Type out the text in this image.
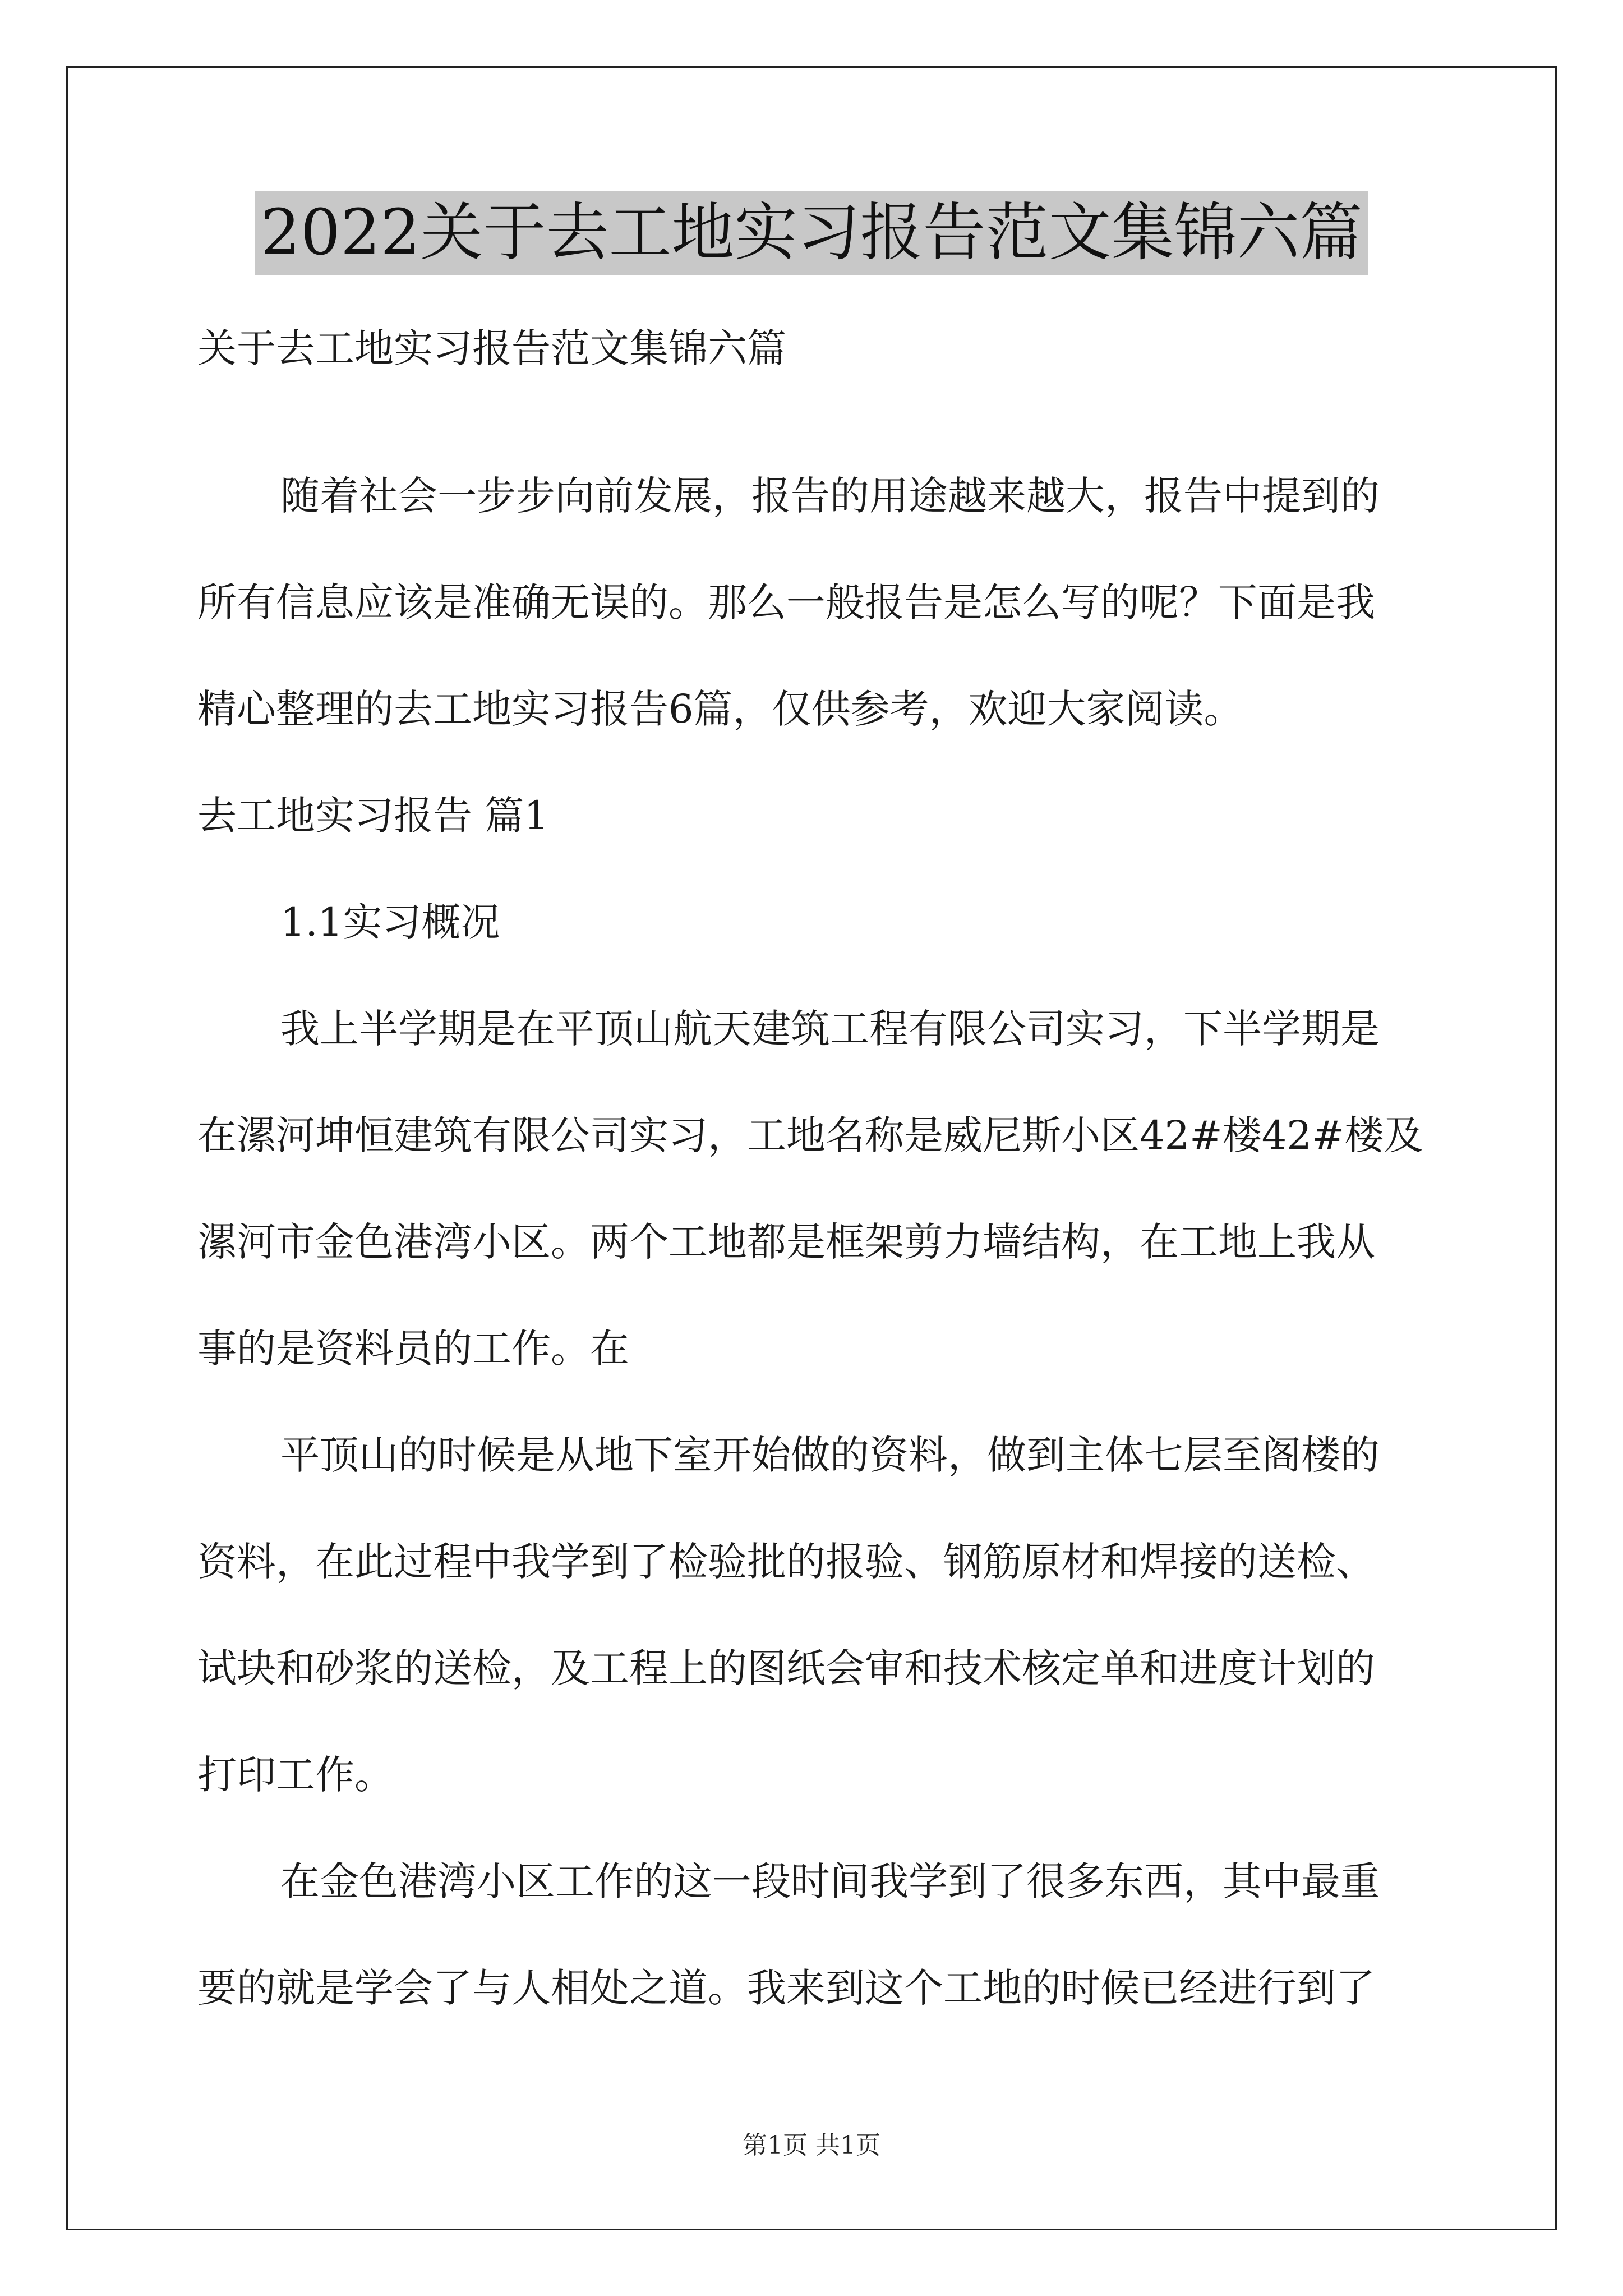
2022关于去工地实习报告范文集锦六篇
关于去工地实习报告范文集锦六篇
随着社会一步步向前发展，报告的用途越来越大，报告中提到的
所有信息应该是准确无误的。那么一般报告是怎么写的呢？下面是我
精心整理的去工地实习报告6篇，仅供参考，欢迎大家阅读。
去工地实习报告 篇1
1.1实习概况
我上半学期是在平顶山航天建筑工程有限公司实习，下半学期是
在漯河坤恒建筑有限公司实习，工地名称是威尼斯小区42#楼42#楼及
漯河市金色港湾小区。两个工地都是框架剪力墙结构，在工地上我从
事的是资料员的工作。在
平顶山的时候是从地下室开始做的资料，做到主体七层至阁楼的
资料，在此过程中我学到了检验批的报验、钢筋原材和焊接的送检、
试块和砂浆的送检，及工程上的图纸会审和技术核定单和进度计划的
打印工作。
在金色港湾小区工作的这一段时间我学到了很多东西，其中最重
要的就是学会了与人相处之道。我来到这个工地的时候已经进行到了
第1页 共1页
